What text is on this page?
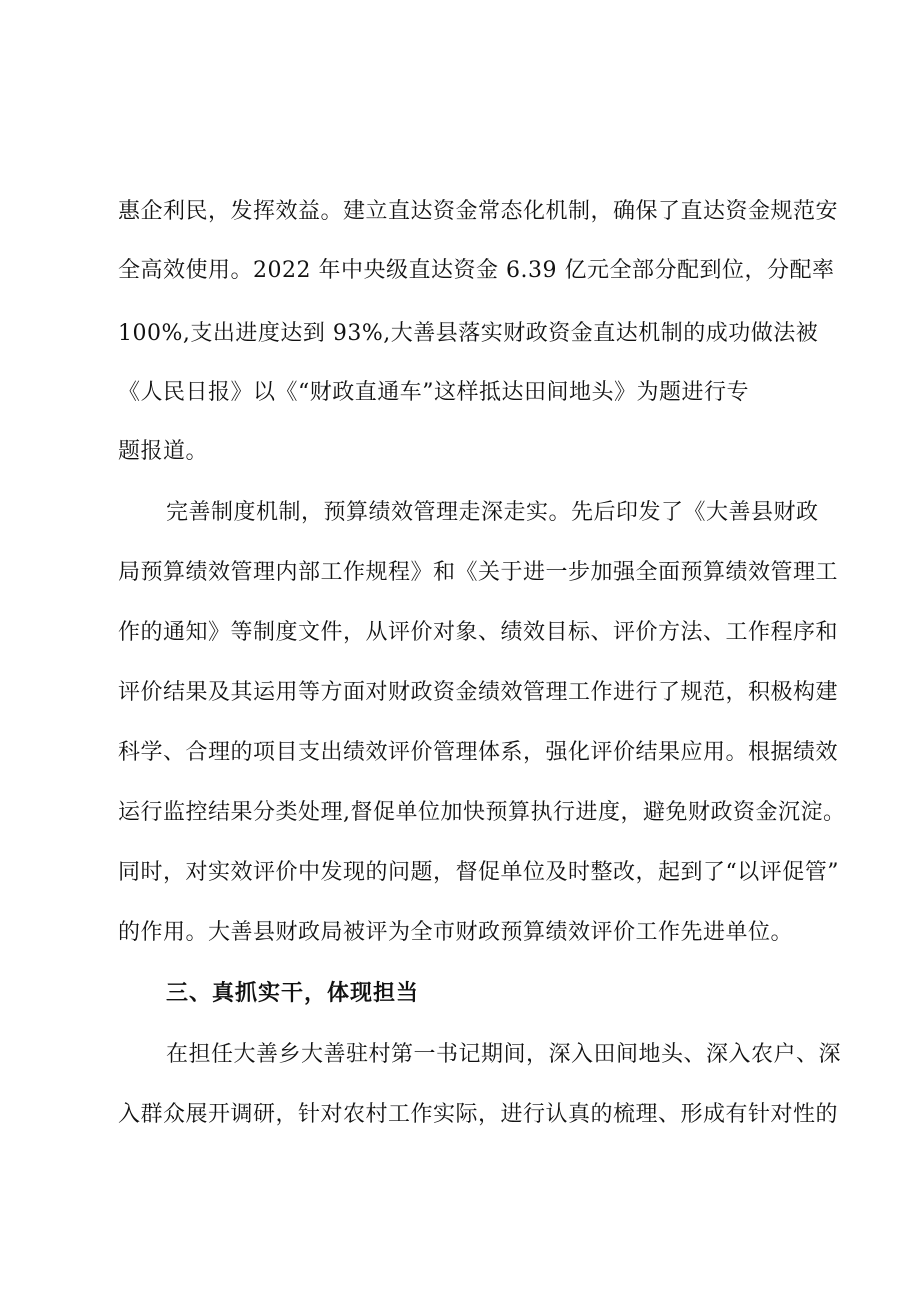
惠企利民，发挥效益。建立直达资金常态化机制，确保了直达资金规范安
全高效使用。2022 年中央级直达资金 6.39 亿元全部分配到位，分配率
100%,支出进度达到 93%,大善县落实财政资金直达机制的成功做法被
《人民日报》以《“财政直通车”这样抵达田间地头》为题进行专
题报道。
完善制度机制，预算绩效管理走深走实。先后印发了《大善县财政
局预算绩效管理内部工作规程》和《关于进一步加强全面预算绩效管理工
作的通知》等制度文件，从评价对象、绩效目标、评价方法、工作程序和
评价结果及其运用等方面对财政资金绩效管理工作进行了规范，积极构建
科学、合理的项目支出绩效评价管理体系，强化评价结果应用。根据绩效
运行监控结果分类处理,督促单位加快预算执行进度，避免财政资金沉淀。
同时，对实效评价中发现的问题，督促单位及时整改，起到了“以评促管”
的作用。大善县财政局被评为全市财政预算绩效评价工作先进单位。
三、真抓实干，体现担当
在担任大善乡大善驻村第一书记期间，深入田间地头、深入农户、深
入群众展开调研，针对农村工作实际，进行认真的梳理、形成有针对性的
